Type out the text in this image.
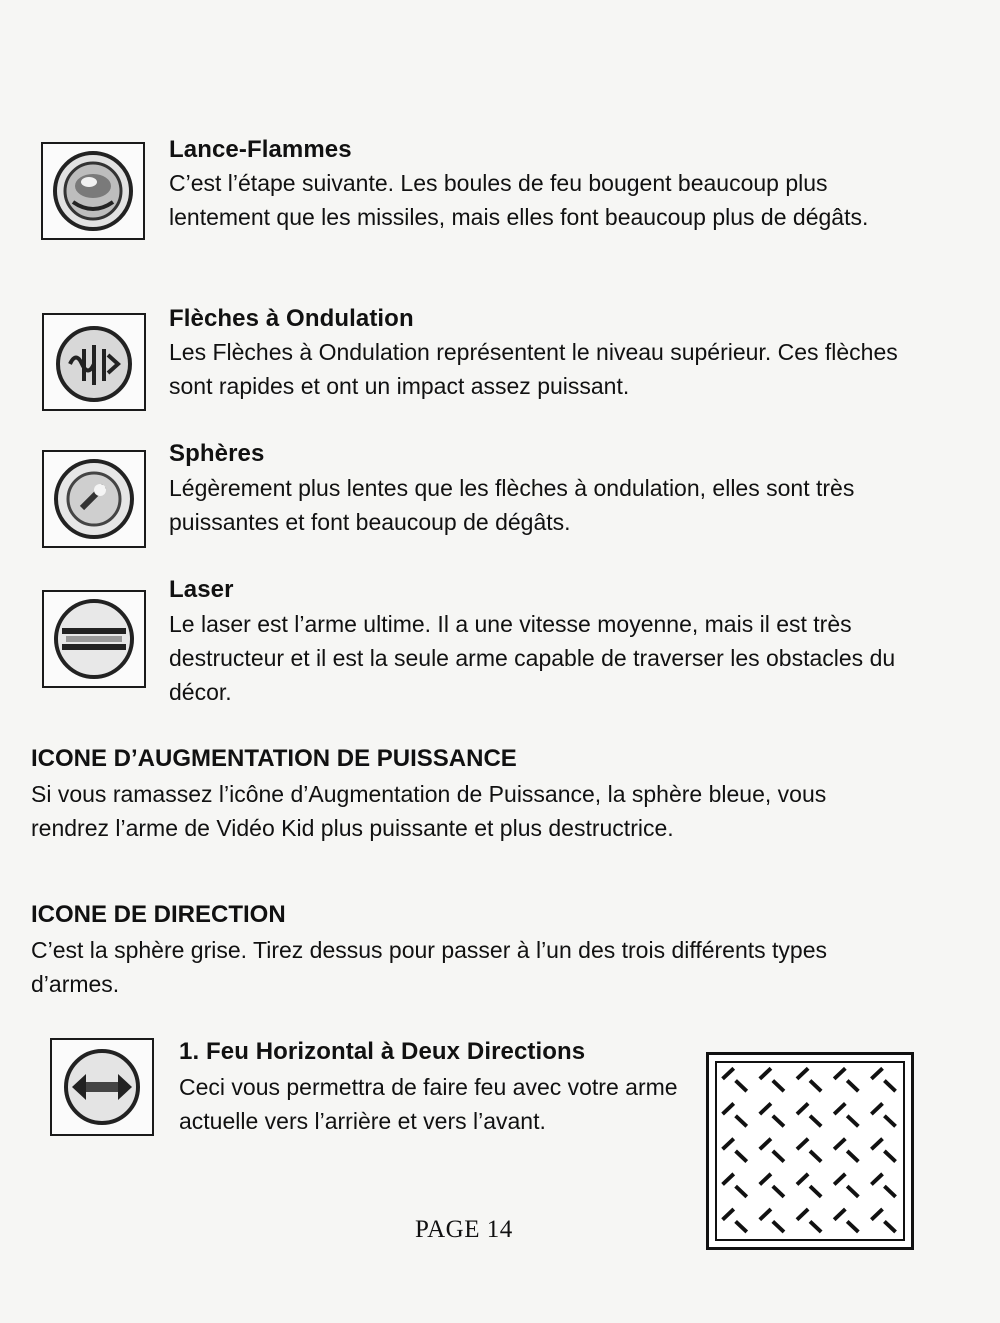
Lance-Flammes

C’est l’étape suivante. Les boules de feu bougent beaucoup plus lentement que les missiles, mais elles font beaucoup plus de dégâts.

Flèches à Ondulation

Les Flèches à Ondulation représentent le niveau supérieur. Ces flèches sont rapides et ont un impact assez puissant.

Sphères

Légèrement plus lentes que les flèches à ondulation, elles sont très puissantes et font beaucoup de dégâts.

Laser

Le laser est l’arme ultime. Il a une vitesse moyenne, mais il est très destructeur et il est la seule arme capable de traverser les obstacles du décor.

ICONE D’AUGMENTATION DE PUISSANCE

Si vous ramassez l’icône d’Augmentation de Puissance, la sphère bleue, vous rendrez l’arme de Vidéo Kid plus puissante et plus destructrice.

ICONE DE DIRECTION

C’est la sphère grise. Tirez dessus pour passer à l’un des trois différents types d’armes.

1. Feu Horizontal à Deux Directions

Ceci vous permettra de faire feu avec votre arme actuelle vers l’arrière et vers l’avant.

PAGE 14
